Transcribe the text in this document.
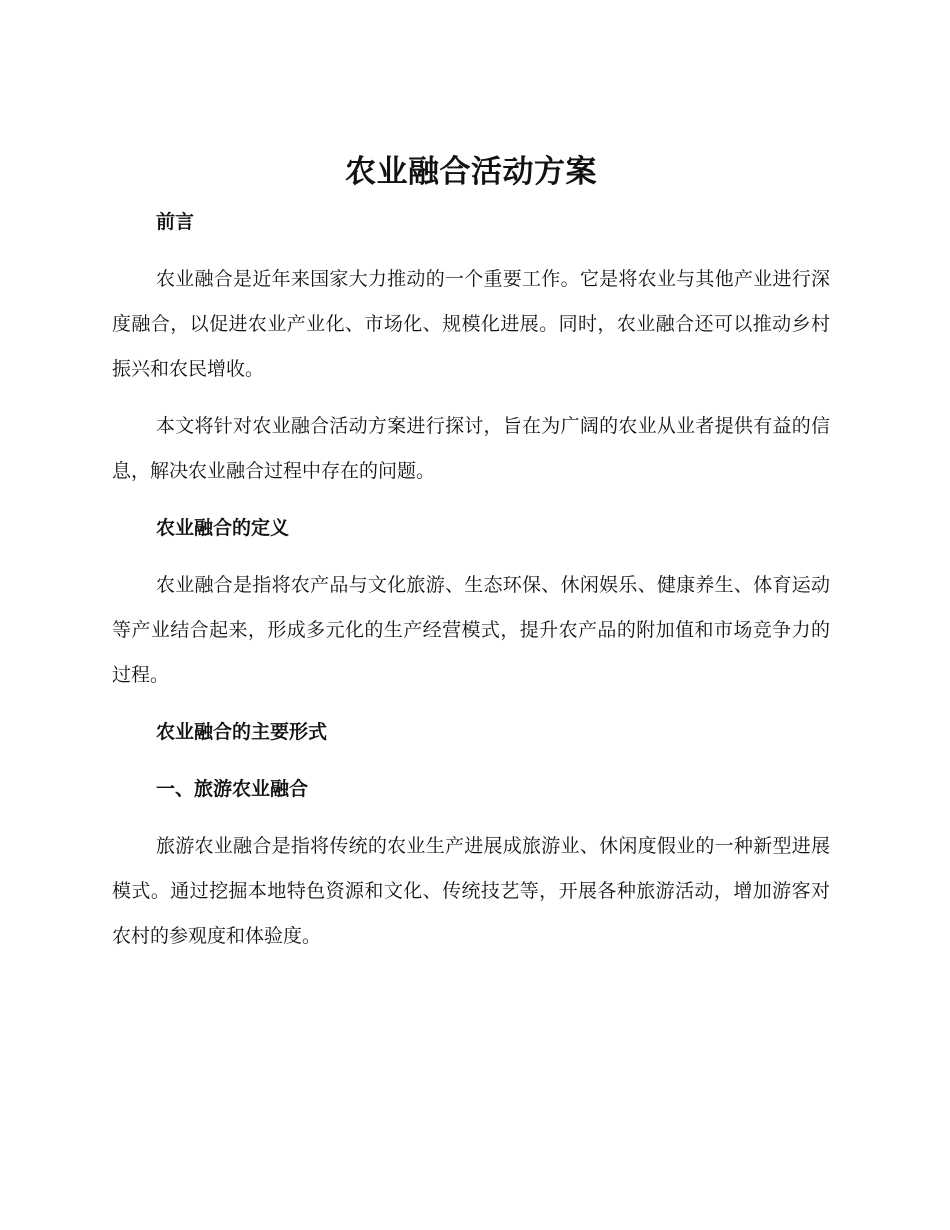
农业融合活动方案
前言

农业融合是近年来国家大力推动的一个重要工作。它是将农业与其他产业进行深度融合，以促进农业产业化、市场化、规模化进展。同时，农业融合还可以推动乡村振兴和农民增收。

本文将针对农业融合活动方案进行探讨，旨在为广阔的农业从业者提供有益的信息，解决农业融合过程中存在的问题。

农业融合的定义

农业融合是指将农产品与文化旅游、生态环保、休闲娱乐、健康养生、体育运动等产业结合起来，形成多元化的生产经营模式，提升农产品的附加值和市场竞争力的过程。

农业融合的主要形式
一、旅游农业融合

旅游农业融合是指将传统的农业生产进展成旅游业、休闲度假业的一种新型进展模式。通过挖掘本地特色资源和文化、传统技艺等，开展各种旅游活动，增加游客对农村的参观度和体验度。
